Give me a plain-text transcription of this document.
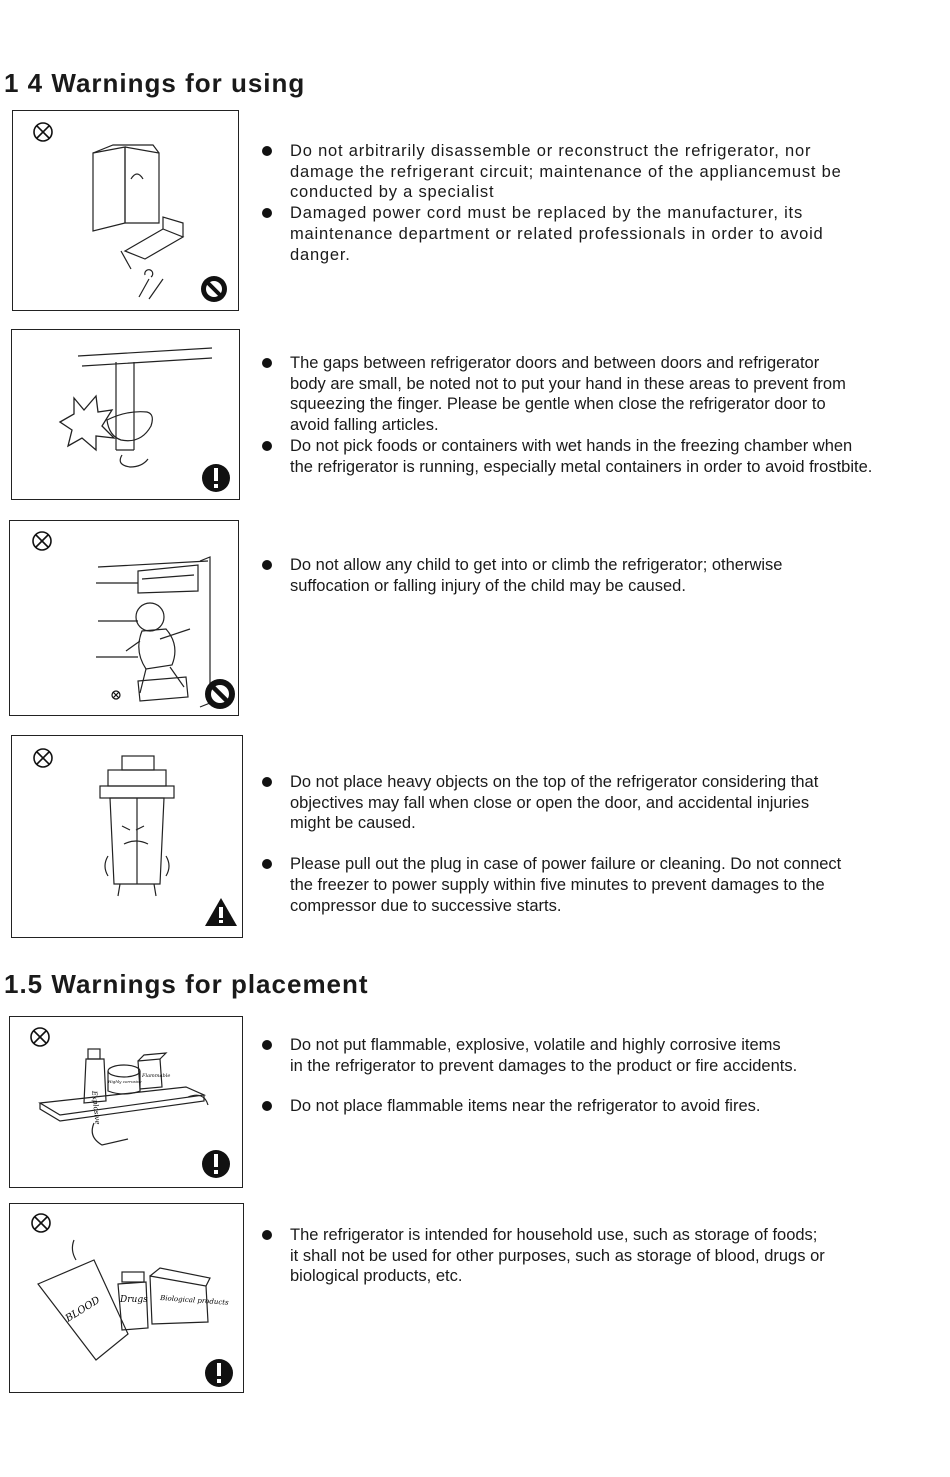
1 4 Warnings for using
Do not arbitrarily disassemble or reconstruct the refrigerator, nor
damage the refrigerant circuit; maintenance of the appliancemust be
conducted by a specialist
Damaged power cord must be replaced by the manufacturer, its
maintenance department or related professionals in order to avoid
danger.
The gaps between refrigerator doors and between doors and refrigerator
body are small, be noted not to put your hand in these areas to prevent from
squeezing the finger. Please be gentle when close the refrigerator door to
avoid falling articles.
Do not pick foods or containers with wet hands in the freezing chamber when
the refrigerator is running, especially metal containers in order to avoid frostbite.
Do not allow any child to get into or climb the refrigerator; otherwise
suffocation or falling injury of the child may be caused.
Do not place heavy objects on the top of the refrigerator considering that
objectives may fall when close or open the door, and accidental injuries
might be caused.
Please pull out the plug in case of power failure or cleaning. Do not connect
the freezer to power supply within five minutes to prevent damages to the
compressor due to successive starts.
1.5 Warnings for placement
Explosive
Highly corrosive
Flammable
Do not put flammable, explosive, volatile and highly corrosive items
in the refrigerator to prevent damages to the product or fire accidents.
Do not place flammable items near the refrigerator to avoid fires.
BLOOD Drugs Biological products
The refrigerator is intended for household use, such as storage of foods;
it shall not be used for other purposes, such as storage of blood, drugs or
biological products, etc.
